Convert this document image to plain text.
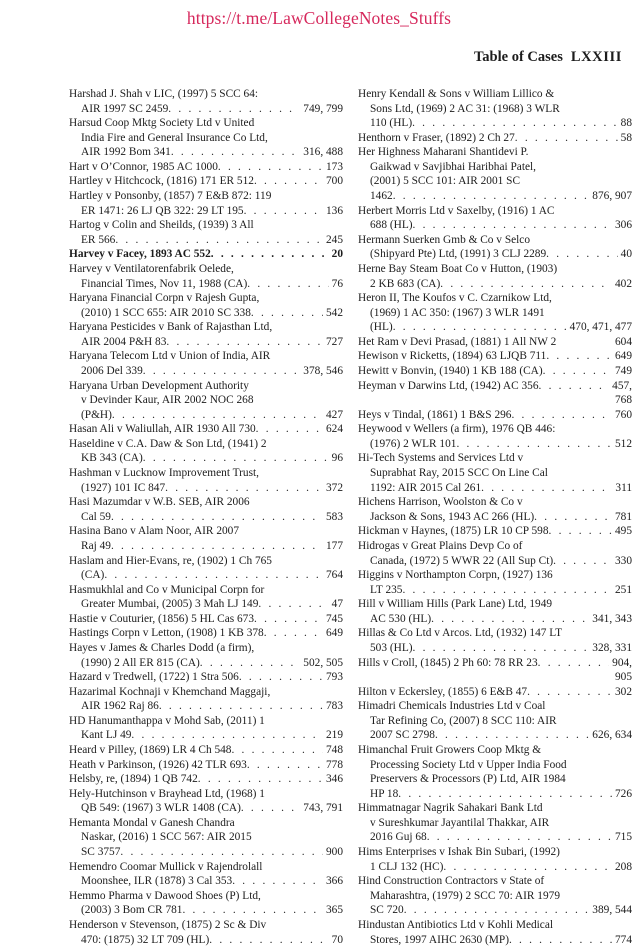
https://t.me/LawCollegeNotes_Stuffs
Table of Cases LXXIII
Harshad J. Shah v LIC, (1997) 5 SCC 64:
AIR 1997 SC 2459 . . .	749, 799
Harsud Coop Mktg Society Ltd v United
India Fire and General Insurance Co Ltd,
AIR 1992 Bom 341 . . .	316, 488
Hart v O’Connor, 1985 AC 1000 . . .	173
Hartley v Hitchcock, (1816) 171 ER 512 . . .	700
Hartley v Ponsonby, (1857) 7 E&B 872: 119
ER 1471: 26 LJ QB 322: 29 LT 195 . . .	136
Hartog v Colin and Sheilds, (1939) 3 All
ER 566 . . .	245
Harvey v Facey, 1893 AC 552 . . .	20
Harvey v Ventilatorenfabrik Oelede,
Financial Times, Nov 11, 1988 (CA) . . .	76
Haryana Financial Corpn v Rajesh Gupta,
(2010) 1 SCC 655: AIR 2010 SC 338 . . .	542
Haryana Pesticides v Bank of Rajasthan Ltd,
AIR 2004 P&H 83 . . .	727
Haryana Telecom Ltd v Union of India, AIR
2006 Del 339 . . .	378, 546
Haryana Urban Development Authority
v Devinder Kaur, AIR 2002 NOC 268
(P&H) . . .	427
Hasan Ali v Waliullah, AIR 1930 All 730 . . .	624
Haseldine v C.A. Daw & Son Ltd, (1941) 2
KB 343 (CA) . . .	96
Hashman v Lucknow Improvement Trust,
(1927) 101 IC 847 . . .	372
Hasi Mazumdar v W.B. SEB, AIR 2006
Cal 59 . . .	583
Hasina Bano v Alam Noor, AIR 2007
Raj 49 . . .	177
Haslam and Hier-Evans, re, (1902) 1 Ch 765
(CA) . . .	764
Hasmukhlal and Co v Municipal Corpn for
Greater Mumbai, (2005) 3 Mah LJ 149 . . .	47
Hastie v Couturier, (1856) 5 HL Cas 673 . . .	745
Hastings Corpn v Letton, (1908) 1 KB 378 . . .	649
Hayes v James & Charles Dodd (a firm),
(1990) 2 All ER 815 (CA) . . .	502, 505
Hazard v Tredwell, (1722) 1 Stra 506 . . .	793
Hazarimal Kochnaji v Khemchand Maggaji,
AIR 1962 Raj 86 . . .	783
HD Hanumanthappa v Mohd Sab, (2011) 1
Kant LJ 49 . . .	219
Heard v Pilley, (1869) LR 4 Ch 548 . . .	748
Heath v Parkinson, (1926) 42 TLR 693 . . .	778
Helsby, re, (1894) 1 QB 742 . . .	346
Hely-Hutchinson v Brayhead Ltd, (1968) 1
QB 549: (1967) 3 WLR 1408 (CA) . . .	743, 791
Hemanta Mondal v Ganesh Chandra
Naskar, (2016) 1 SCC 567: AIR 2015
SC 3757 . . .	900
Hemendro Coomar Mullick v Rajendrolall
Moonshee, ILR (1878) 3 Cal 353 . . .	366
Hemmo Pharma v Dawood Shoes (P) Ltd,
(2003) 3 Bom CR 781 . . .	365
Henderson v Stevenson, (1875) 2 Sc & Div
470: (1875) 32 LT 709 (HL) . . .	70
Henry Kendall & Sons v William Lillico &
Sons Ltd, (1969) 2 AC 31: (1968) 3 WLR
110 (HL) . . .	88
Henthorn v Fraser, (1892) 2 Ch 27 . . .	58
Her Highness Maharani Shantidevi P.
Gaikwad v Savjibhai Haribhai Patel,
(2001) 5 SCC 101: AIR 2001 SC
1462 . . .	876, 907
Herbert Morris Ltd v Saxelby, (1916) 1 AC
688 (HL) . . .	306
Hermann Suerken Gmb & Co v Selco
(Shipyard Pte) Ltd, (1991) 3 CLJ 2289 . . .	40
Herne Bay Steam Boat Co v Hutton, (1903)
2 KB 683 (CA) . . .	402
Heron II, The Koufos v C. Czarnikow Ltd,
(1969) 1 AC 350: (1967) 3 WLR 1491
(HL) . . .	470, 471, 477
Het Ram v Devi Prasad, (1881) 1 All NW 2	604
Hewison v Ricketts, (1894) 63 LJQB 711 . . .	649
Hewitt v Bonvin, (1940) 1 KB 188 (CA) . . .	749
Heyman v Darwins Ltd, (1942) AC 356 . . .	457,
768
Heys v Tindal, (1861) 1 B&S 296 . . .	760
Heywood v Wellers (a firm), 1976 QB 446:
(1976) 2 WLR 101 . . .	512
Hi-Tech Systems and Services Ltd v
Suprabhat Ray, 2015 SCC On Line Cal
1192: AIR 2015 Cal 261 . . .	311
Hichens Harrison, Woolston & Co v
Jackson & Sons, 1943 AC 266 (HL) . . .	781
Hickman v Haynes, (1875) LR 10 CP 598 . . .	495
Hidrogas v Great Plains Devp Co of
Canada, (1972) 5 WWR 22 (All Sup Ct) . . .	330
Higgins v Northampton Corpn, (1927) 136
LT 235 . . .	251
Hill v William Hills (Park Lane) Ltd, 1949
AC 530 (HL) . . .	341, 343
Hillas & Co Ltd v Arcos. Ltd, (1932) 147 LT
503 (HL) . . .	328, 331
Hills v Croll, (1845) 2 Ph 60: 78 RR 23 . . .	904,
905
Hilton v Eckersley, (1855) 6 E&B 47 . . .	302
Himadri Chemicals Industries Ltd v Coal
Tar Refining Co, (2007) 8 SCC 110: AIR
2007 SC 2798 . . .	626, 634
Himanchal Fruit Growers Coop Mktg &
Processing Society Ltd v Upper India Food
Preservers & Processors (P) Ltd, AIR 1984
HP 18 . . .	726
Himmatnagar Nagrik Sahakari Bank Ltd
v Sureshkumar Jayantilal Thakkar, AIR
2016 Guj 68 . . .	715
Hims Enterprises v Ishak Bin Subari, (1992)
1 CLJ 132 (HC) . . .	208
Hind Construction Contractors v State of
Maharashtra, (1979) 2 SCC 70: AIR 1979
SC 720 . . .	389, 544
Hindustan Antibiotics Ltd v Kohli Medical
Stores, 1997 AIHC 2630 (MP) . . .	774
